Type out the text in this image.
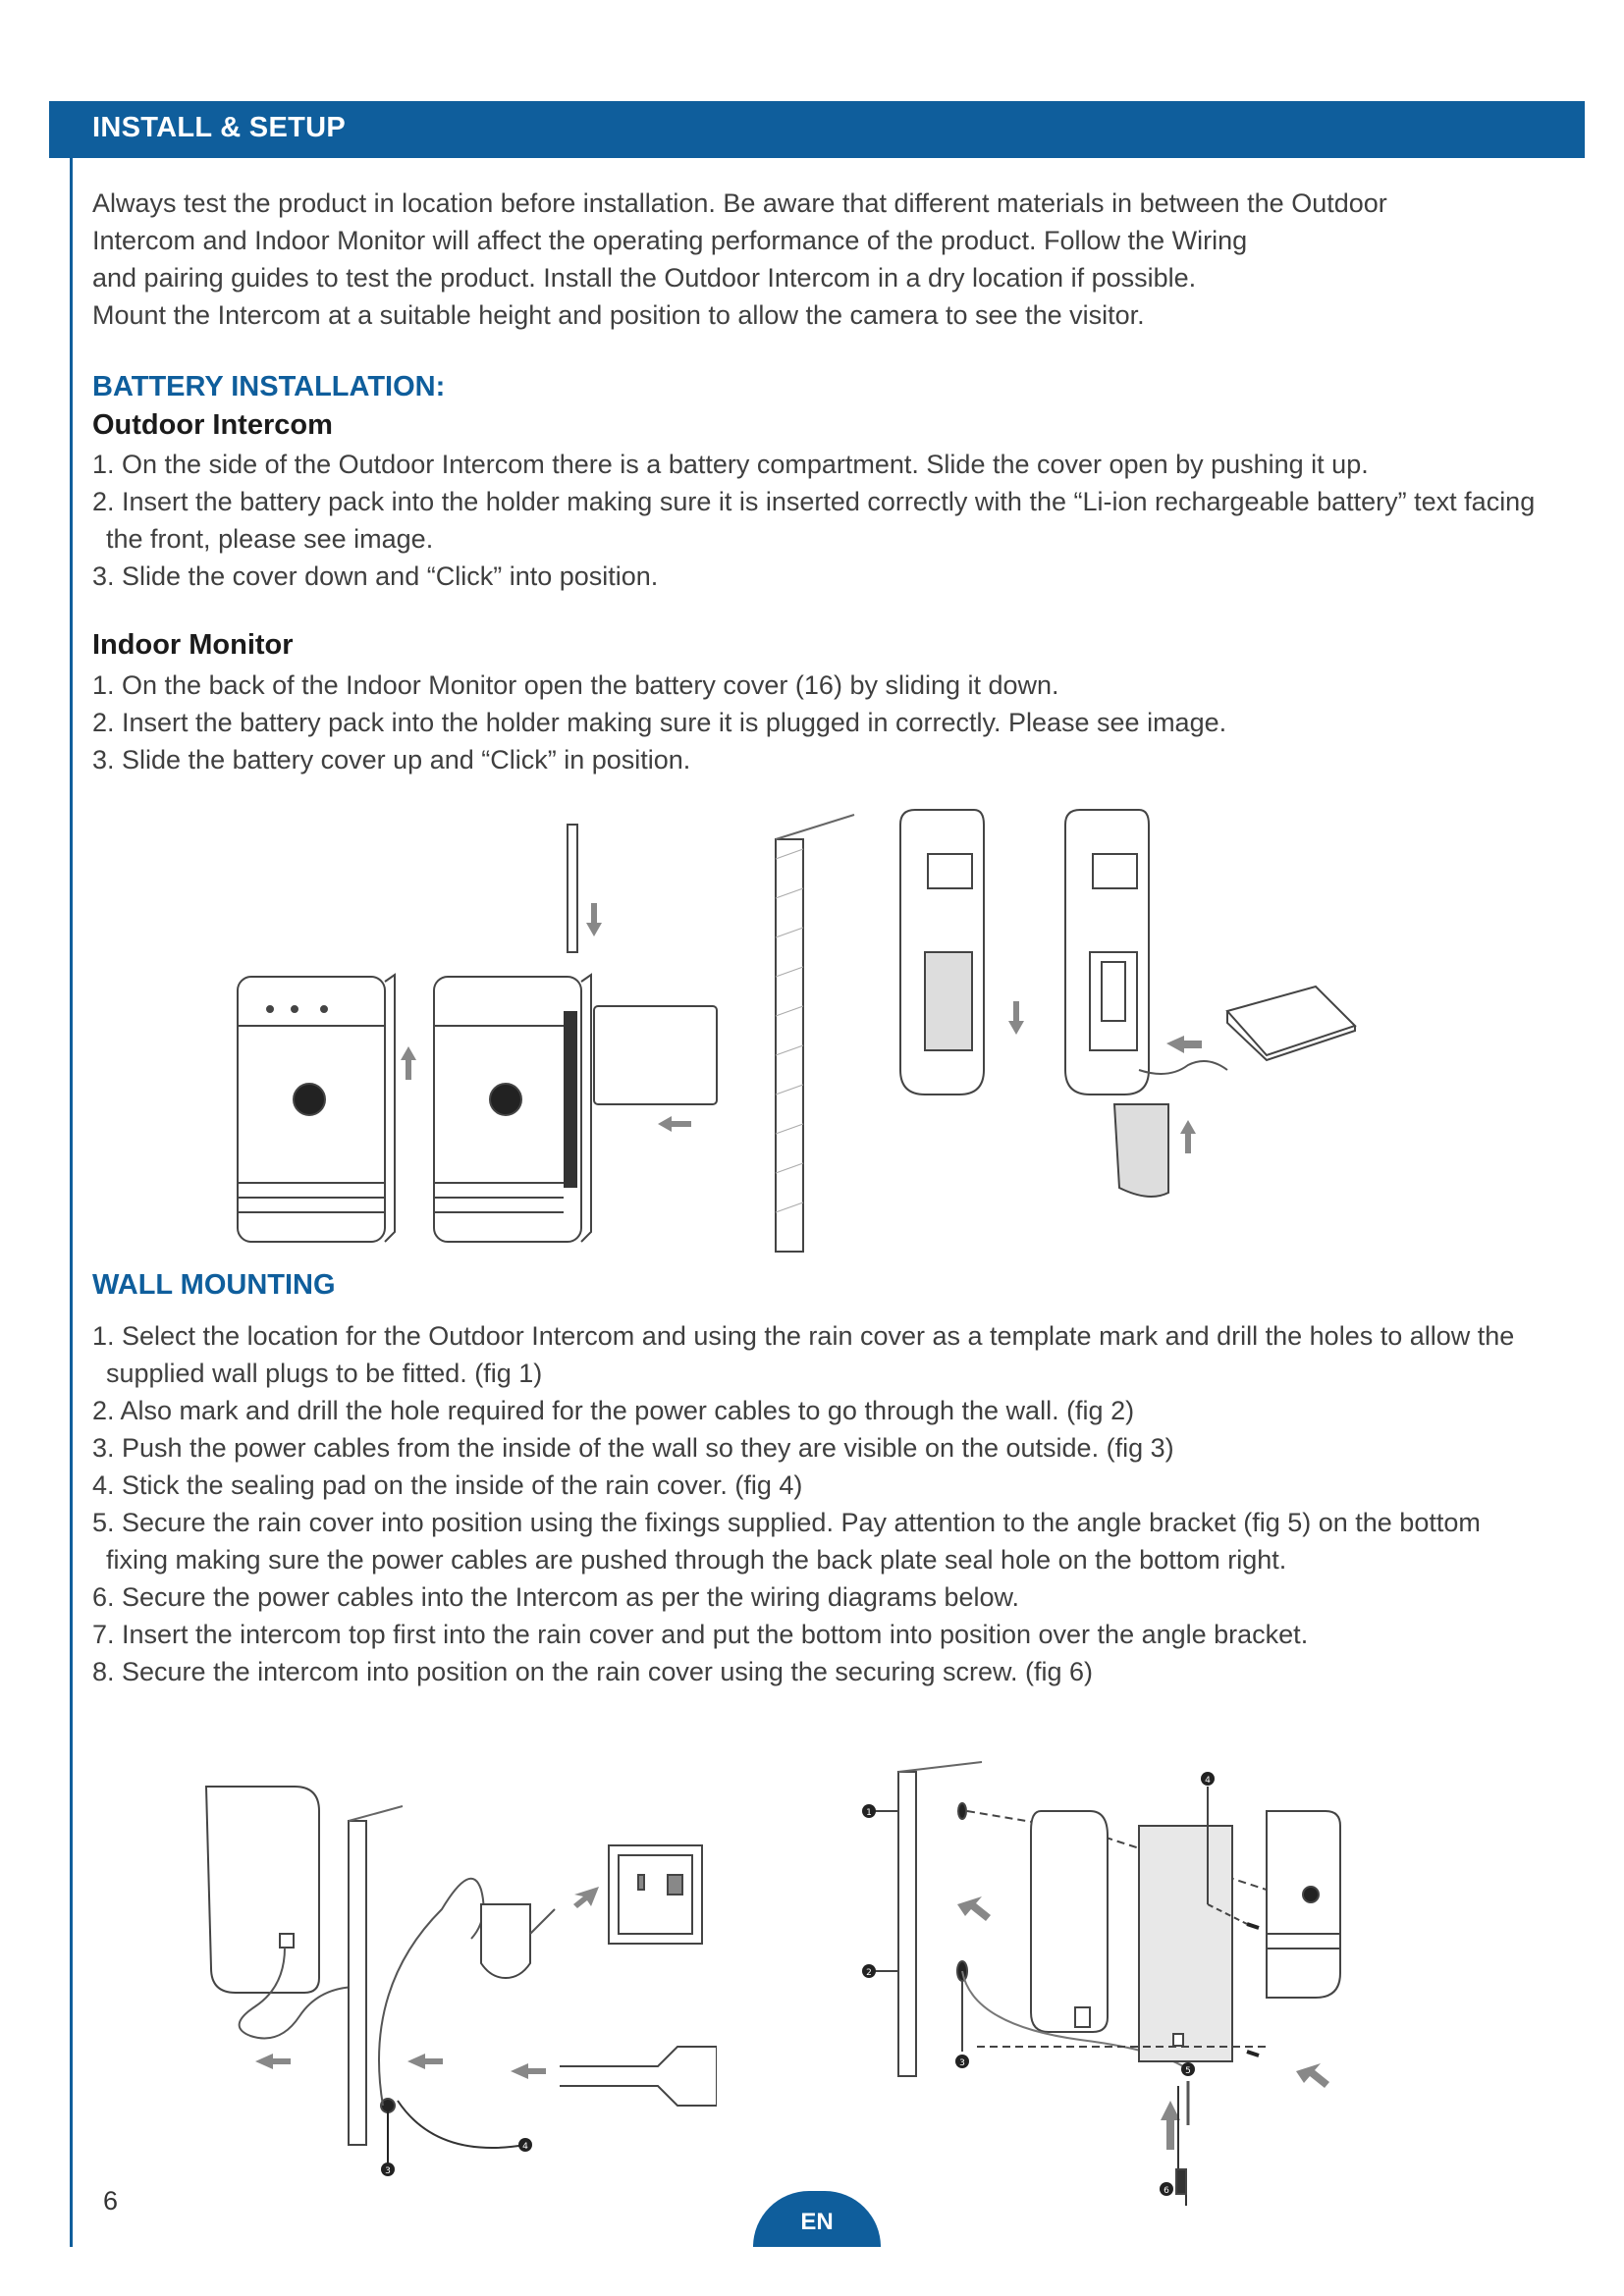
INSTALL & SETUP

Always test the product in location before installation. Be aware that different materials in between the Outdoor

Intercom and Indoor Monitor will affect the operating performance of the product. Follow the Wiring

and pairing guides to test the product. Install the Outdoor Intercom in a dry location if possible.

Mount the Intercom at a suitable height and position to allow the camera to see the visitor.

BATTERY INSTALLATION:
Outdoor Intercom
1. On the side of the Outdoor Intercom there is a battery compartment. Slide the cover open by pushing it up.
2. Insert the battery pack into the holder making sure it is inserted correctly with the “Li-ion rechargeable battery” text facing the front, please see image.
3. Slide the cover down and “Click” into position.
Indoor Monitor
1. On the back of the Indoor Monitor open the battery cover (16) by sliding it down.
2. Insert the battery pack into the holder making sure it is plugged in correctly. Please see image.
3. Slide the battery cover up and “Click” in position.
WALL MOUNTING
1. Select the location for the Outdoor Intercom and using the rain cover as a template mark and drill the holes to allow the supplied wall plugs to be fitted. (fig 1)
2. Also mark and drill the hole required for the power cables to go through the wall. (fig 2)
3. Push the power cables from the inside of the wall so they are visible on the outside. (fig 3)
4. Stick the sealing pad on the inside of the rain cover. (fig 4)
5. Secure the rain cover into position using the fixings supplied. Pay attention to the angle bracket (fig 5) on the bottom fixing making sure the power cables are pushed through the back plate seal hole on the bottom right.
6. Secure the power cables into the Intercom as per the wiring diagrams below.
7. Insert the intercom top first into the rain cover and put the bottom into position over the angle bracket.
8. Secure the intercom into position on the rain cover using the securing screw. (fig 6)
3
4
1
2
3
4
5
6
6
EN
